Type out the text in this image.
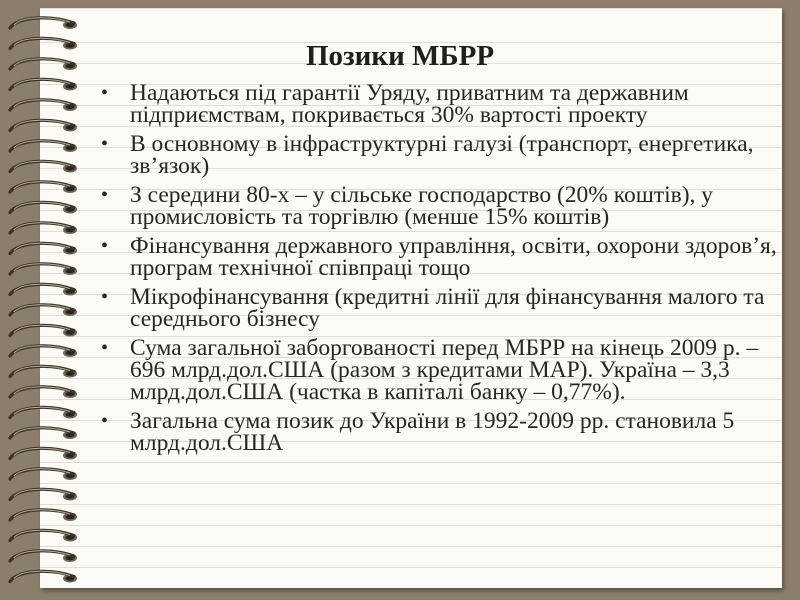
Позики МБРР
• Надаються під гарантії Уряду, приватним та державним підприємствам, покривається 30% вартості проекту
• В основному в інфраструктурні галузі (транспорт, енергетика, зв’язок)
• З середини 80-х – у сільське господарство (20% коштів), у промисловість та торгівлю (менше 15% коштів)
• Фінансування державного управління, освіти, охорони здоров’я, програм технічної співпраці тощо
• Мікрофінансування (кредитні лінії для фінансування малого та середнього бізнесу
• Сума загальної заборгованості перед МБРР на кінець 2009 р. – 696 млрд.дол.США (разом з кредитами МАР). Україна – 3,3 млрд.дол.США (частка в капіталі банку – 0,77%).
• Загальна сума позик до України в 1992-2009 рр. становила 5 млрд.дол.США
